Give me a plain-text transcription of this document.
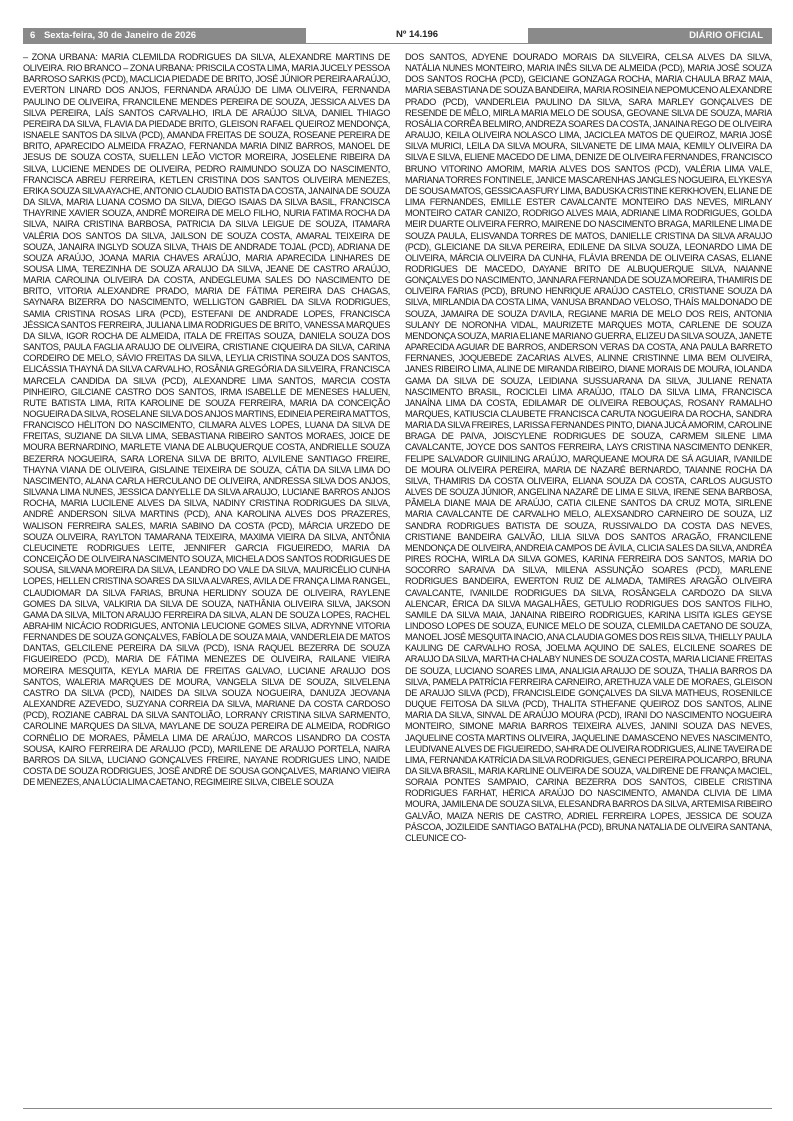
6 Sexta-feira, 30 de Janeiro de 2026	Nº 14.196	DIÁRIO OFICIAL

– ZONA URBANA: MARIA CLEMILDA RODRIGUES DA SILVA, ALEXANDRE MARTINS DE OLIVEIRA. RIO BRANCO – ZONA URBANA: PRISCILA COSTA LIMA, MARIA JUCELY PESSOA BARROSO SARKIS (PCD), MACLICIA PIEDADE DE BRITO, JOSÉ JÚNIOR PEREIRA ARAÚJO, EVERTON LINARD DOS ANJOS, FERNANDA ARAÚJO DE LIMA OLIVEIRA, FERNANDA PAULINO DE OLIVEIRA, FRANCILENE MENDES PEREIRA DE SOUZA, JESSICA ALVES DA SILVA PEREIRA, LAÍS SANTOS CARVALHO, IRLA DE ARAÚJO SILVA, DANIEL THIAGO PEREIRA DA SILVA, FLAVIA DA PIEDADE BRITO, GLEISON RAFAEL QUEIROZ MENDONÇA, ISNAELE SANTOS DA SILVA (PCD), AMANDA FREITAS DE SOUZA, ROSEANE PEREIRA DE BRITO, APARECIDO ALMEIDA FRAZAO, FERNANDA MARIA DINIZ BARROS, MANOEL DE JESUS DE SOUZA COSTA, SUELLEN LEÃO VICTOR MOREIRA, JOSELENE RIBEIRA DA SILVA, LUCIENE MENDES DE OLIVEIRA, PEDRO RAIMUNDO SOUZA DO NASCIMENTO, FRANCISCA ABREU FERREIRA, KETLEN CRISTINA DOS SANTOS OLIVEIRA MENEZES, ERIKA SOUZA SILVA AYACHE, ANTONIO CLAUDIO BATISTA DA COSTA, JANAINA DE SOUZA DA SILVA, MARIA LUANA COSMO DA SILVA, DIEGO ISAIAS DA SILVA BASIL, FRANCISCA THAYRINE XAVIER SOUZA, ANDRÉ MOREIRA DE MELO FILHO, NURIA FATIMA ROCHA DA SILVA, NAIRA CRISTINA BARBOSA, PATRICIA DA SILVA LEIGUE DE SOUZA, ITAMARA VALÉRIA DOS SANTOS DA SILVA, JAILSON DE SOUZA COSTA, AMARAL TEIXEIRA DE SOUZA, JANAIRA INGLYD SOUZA SILVA, THAIS DE ANDRADE TOJAL (PCD), ADRIANA DE SOUZA ARAÚJO, JOANA MARIA CHAVES ARAÚJO, MARIA APARECIDA LINHARES DE SOUSA LIMA, TEREZINHA DE SOUZA ARAUJO DA SILVA, JEANE DE CASTRO ARAÚJO, MARIA CAROLINA OLIVEIRA DA COSTA, ANDEGLEUMA SALES DO NASCIMENTO DE BRITO, VITORIA ALEXANDRE PRADO, MARIA DE FÁTIMA PEREIRA DAS CHAGAS, SAYNARA BIZERRA DO NASCIMENTO, WELLIGTON GABRIEL DA SILVA RODRIGUES, SAMIA CRISTINA ROSAS LIRA (PCD), ESTEFANI DE ANDRADE LOPES, FRANCISCA JÉSSICA SANTOS FERREIRA, JULIANA LIMA RODRIGUES DE BRITO, VANESSA MARQUES DA SILVA, IGOR ROCHA DE ALMEIDA, ITALA DE FREITAS SOUZA, DANIELA SOUZA DOS SANTOS, PAULA FAGLIA ARAUJO DE OLIVEIRA, CRISTIANE CIQUEIRA DA SILVA, CARINA CORDEIRO DE MELO, SÁVIO FREITAS DA SILVA, LEYLIA CRISTINA SOUZA DOS SANTOS, ELICÁSSIA THAYNÁ DA SILVA CARVALHO, ROSÂNIA GREGÓRIA DA SILVEIRA, FRANCISCA MARCELA CANDIDA DA SILVA (PCD), ALEXANDRE LIMA SANTOS, MARCIA COSTA PINHEIRO, GILCIANE CASTRO DOS SANTOS, IRMA ISABELLE DE MENESES HALUEN, RUTE BATISTA LIMA, RITA KAROLINE DE SOUZA FERREIRA, MARIA DA CONCEIÇÃO NOGUEIRA DA SILVA, ROSELANE SILVA DOS ANJOS MARTINS, EDINEIA PEREIRA MATTOS, FRANCISCO HÉLITON DO NASCIMENTO, CILMARA ALVES LOPES, LUANA DA SILVA DE FREITAS, SUZIANE DA SILVA LIMA, SEBASTIANA RIBEIRO SANTOS MORAES, JOICE DE MOURA BERNARDINO, MARLETE VIANA DE ALBUQUERQUE COSTA, ANDRIELLE SOUZA BEZERRA NOGUEIRA, SARA LORENA SILVA DE BRITO, ALVILENE SANTIAGO FREIRE, THAYNA VIANA DE OLIVEIRA, GISLAINE TEIXEIRA DE SOUZA, CÁTIA DA SILVA LIMA DO NASCIMENTO, ALANA CARLA HERCULANO DE OLIVEIRA, ANDRESSA SILVA DOS ANJOS, SILVANA LIMA NUNES, JESSICA DANYELLE DA SILVA ARAUJO, LUCIANE BARROS ANJOS ROCHA, MARIA LUCILENE ALVES DA SILVA, NADINY CRISTINA RODRIGUES DA SILVA, ANDRÉ ANDERSON SILVA MARTINS (PCD), ANA KAROLINA ALVES DOS PRAZERES, WALISON FERREIRA SALES, MARIA SABINO DA COSTA (PCD), MÁRCIA URZEDO DE SOUZA OLIVEIRA, RAYLTON TAMARANA TEIXEIRA, MAXIMA VIEIRA DA SILVA, ANTÔNIA CLEUCINETE RODRIGUES LEITE, JENNIFER GARCIA FIGUEIREDO, MARIA DA CONCEIÇÃO DE OLIVEIRA NASCIMENTO SOUZA, MICHELA DOS SANTOS RODRIGUES DE SOUSA, SILVANA MOREIRA DA SILVA, LEANDRO DO VALE DA SILVA, MAURICÉLIO CUNHA LOPES, HELLEN CRISTINA SOARES DA SILVA ALVARES, AVILA DE FRANÇA LIMA RANGEL, CLAUDIOMAR DA SILVA FARIAS, BRUNA HERLIDNY SOUZA DE OLIVEIRA, RAYLENE GOMES DA SILVA, VALKIRIA DA SILVA DE SOUZA, NATHÂNIA OLIVEIRA SILVA, JAKSON GAMA DA SILVA, MILTON ARAUJO FERREIRA DA SILVA, ALAN DE SOUZA LOPES, RACHEL ABRAHIM NICÁCIO RODRIGUES, ANTONIA LEUCIONE GOMES SILVA, ADRYNNE VITORIA FERNANDES DE SOUZA GONÇALVES, FABÍOLA DE SOUZA MAIA, VANDERLEIA DE MATOS DANTAS, GELCILENE PEREIRA DA SILVA (PCD), ISNA RAQUEL BEZERRA DE SOUZA FIGUEIREDO (PCD), MARIA DE FÁTIMA MENEZES DE OLIVEIRA, RAILANE VIEIRA MOREIRA MESQUITA, KEYLA MARIA DE FREITAS GALVAO, LUCIANE ARAUJO DOS SANTOS, WALERIA MARQUES DE MOURA, VANGELA SILVA DE SOUZA, SILVELENA CASTRO DA SILVA (PCD), NAIDES DA SILVA SOUZA NOGUEIRA, DANUZA JEOVANA ALEXANDRE AZEVEDO, SUZYANA CORREIA DA SILVA, MARIANE DA COSTA CARDOSO (PCD), ROZIANE CABRAL DA SILVA SANTOLIÃO, LORRANY CRISTINA SILVA SARMENTO, CAROLINE MARQUES DA SILVA, MAYLANE DE SOUZA PEREIRA DE ALMEIDA, RODRIGO CORNÉLIO DE MORAES, PÂMELA LIMA DE ARAÚJO, MARCOS LISANDRO DA COSTA SOUSA, KAIRO FERREIRA DE ARAUJO (PCD), MARILENE DE ARAUJO PORTELA, NAIRA BARROS DA SILVA, LUCIANO GONÇALVES FREIRE, NAYANE RODRIGUES LINO, NAIDE COSTA DE SOUZA RODRIGUES, JOSÉ ANDRÉ DE SOUSA GONÇALVES, MARIANO VIEIRA DE MENEZES, ANA LÚCIA LIMA CAETANO, REGIMEIRE SILVA, CIBELE SOUZA

DOS SANTOS, ADYENE DOURADO MORAIS DA SILVEIRA, CELSA ALVES DA SILVA, NATÁLIA NUNES MONTEIRO, MARIA INÊS SILVA DE ALMEIDA (PCD), MARIA JOSÉ SOUZA DOS SANTOS ROCHA (PCD), GEICIANE GONZAGA ROCHA, MARIA CHAULA BRAZ MAIA, MARIA SEBASTIANA DE SOUZA BANDEIRA, MARIA ROSINEIA NEPOMUCENO ALEXANDRE PRADO (PCD), VANDERLEIA PAULINO DA SILVA, SARA MARLEY GONÇALVES DE RESENDE DE MÊLO, MIRLA MARIA MELO DE SOUSA, GEOVANE SILVA DE SOUZA, MARIA ROSÁLIA CORRÊA BELMIRO, ANDREZA SOARES DA COSTA, JANAINA REGO DE OLIVEIRA ARAUJO, KEILA OLIVEIRA NOLASCO LIMA, JACICLEA MATOS DE QUEIROZ, MARIA JOSÉ SILVA MURICI, LEILA DA SILVA MOURA, SILVANETE DE LIMA MAIA, KEMILY OLIVEIRA DA SILVA E SILVA, ELIENE MACEDO DE LIMA, DENIZE DE OLIVEIRA FERNANDES, FRANCISCO BRUNO VITORINO AMORIM, MARIA ALVES DOS SANTOS (PCD), VALÉRIA LIMA VALE, MARIANA TORRES FONTINELE, JANICE MASCARENHAS JANGLES NOGUEIRA, ELYKESYA DE SOUSA MATOS, GESSICA ASFURY LIMA, BADUSKA CRISTINE KERKHOVEN, ELIANE DE LIMA FERNANDES, EMILLE ESTER CAVALCANTE MONTEIRO DAS NEVES, MIRLANY MONTEIRO CATAR CANIZO, RODRIGO ALVES MAIA, ADRIANE LIMA RODRIGUES, GOLDA MEIR DUARTE OLIVEIRA FERRO, MAIRENE DO NASCIMENTO BRAGA, MARILENE LIMA DE SOUZA PAULA, ELISVANDA TORRES DE MATOS, DANIELLE CRISTINA DA SILVA ARAUJO (PCD), GLEICIANE DA SILVA PEREIRA, EDILENE DA SILVA SOUZA, LEONARDO LIMA DE OLIVEIRA, MÁRCIA OLIVEIRA DA CUNHA, FLÁVIA BRENDA DE OLIVEIRA CASAS, ELIANE RODRIGUES DE MACEDO, DAYANE BRITO DE ALBUQUERQUE SILVA, NAIANNE GONÇALVES DO NASCIMENTO, JANNARA FERNANDA DE SOUZA MOREIRA, THAMIRIS DE OLIVEIRA FARIAS (PCD), BRUNO HENRIQUE ARAÚJO CASTELO, CRISTIANE SOUZA DA SILVA, MIRLANDIA DA COSTA LIMA, VANUSA BRANDAO VELOSO, THAÍS MALDONADO DE SOUZA, JAMAIRA DE SOUZA D'AVILA, REGIANE MARIA DE MELO DOS REIS, ANTONIA SULANY DE NORONHA VIDAL, MAURIZETE MARQUES MOTA, CARLENE DE SOUZA MENDONÇA SOUZA, MARIA ELIANE MARIANO GUERRA, ELIZEU DA SILVA SOUZA, JANETE APARECIDA AGUIAR DE BARROS, ANDERSON VERAS DA COSTA, ANA PAULA BARRETO FERNANES, JOQUEBEDE ZACARIAS ALVES, ALINNE CRISTINNE LIMA BEM OLIVEIRA, JANES RIBEIRO LIMA, ALINE DE MIRANDA RIBEIRO, DIANE MORAIS DE MOURA, IOLANDA GAMA DA SILVA DE SOUZA, LEIDIANA SUSSUARANA DA SILVA, JULIANE RENATA NASCIMENTO BRASIL, ROCICLEI LIMA ARAÚJO, ITALO DA SILVA LIMA, FRANCISCA JANAÍNA LIMA DA COSTA, EDILAMAR DE OLIVEIRA REBOUÇAS, ROSANY RAMALHO MARQUES, KATIUSCIA CLAUBETE FRANCISCA CARUTA NOGUEIRA DA ROCHA, SANDRA MARIA DA SILVA FREIRES, LARISSA FERNANDES PINTO, DIANA JUCÁ AMORIM, CAROLINE BRAGA DE PAIVA, JOISCYLENE RODRIGUES DE SOUZA, CARMEM SILENE LIMA CAVALCANTE, JOYCE DOS SANTOS FERREIRA, LAYS CRISTINA NASCIMENTO DENKER, FELIPE SALVADOR GUINILING ARAÚJO, MARQUEANE MOURA DE SÁ AGUIAR, IVANILDE DE MOURA OLIVEIRA PEREIRA, MARIA DE NAZARÉ BERNARDO, TAIANNE ROCHA DA SILVA, THAMIRIS DA COSTA OLIVEIRA, ELIANA SOUZA DA COSTA, CARLOS AUGUSTO ALVES DE SOUZA JÚNIOR, ANGELINA NAZARÉ DE LIMA E SILVA, IRENE SENA BARBOSA, PÂMELA DIANE MAIA DE ARAÚJO, CATIA CILENE SANTOS DA CRUZ MOTA, SIRLENE MARIA CAVALCANTE DE CARVALHO MELO, ALEXSANDRO CARNEIRO DE SOUZA, LIZ SANDRA RODRIGUES BATISTA DE SOUZA, RUSSIVALDO DA COSTA DAS NEVES, CRISTIANE BANDEIRA GALVÃO, LILIA SILVA DOS SANTOS ARAGÃO, FRANCILENE MENDONÇA DE OLIVEIRA, ANDREIA CAMPOS DE ÁVILA, CLICIA SALES DA SILVA, ANDRÉA PIRES ROCHA, WIRLA DA SILVA GOMES, KARINA FERREIRA DOS SANTOS, MARIA DO SOCORRO SARAIVA DA SILVA, MILENA ASSUNÇÃO SOARES (PCD), MARLENE RODRIGUES BANDEIRA, EWERTON RUIZ DE ALMADA, TAMIRES ARAGÃO OLIVEIRA CAVALCANTE, IVANILDE RODRIGUES DA SILVA, ROSÂNGELA CARDOZO DA SILVA ALENCAR, ÉRICA DA SILVA MAGALHÃES, GETULIO RODRIGUES DOS SANTOS FILHO, SAMILE DA SILVA MAIA, JANAINA RIBEIRO RODRIGUES, KARINA LISITA IGLES GEYSE LINDOSO LOPES DE SOUZA, EUNICE MELO DE SOUZA, CLEMILDA CAETANO DE SOUZA, MANOEL JOSÉ MESQUITA INACIO, ANA CLAUDIA GOMES DOS REIS SILVA, THIELLY PAULA KAULING DE CARVALHO ROSA, JOELMA AQUINO DE SALES, ELCILENE SOARES DE ARAUJO DA SILVA, MARTHA CHALABY NUNES DE SOUZA COSTA, MARIA LICIANE FREITAS DE SOUZA, LUCIANO SOARES LIMA, ANALIGIA ARAUJO DE SOUZA, THALIA BARROS DA SILVA, PAMELA PATRÍCIA FERREIRA CARNEIRO, ARETHUZA VALE DE MORAES, GLEISON DE ARAUJO SILVA (PCD), FRANCISLEIDE GONÇALVES DA SILVA MATHEUS, ROSENILCE DUQUE FEITOSA DA SILVA (PCD), THALITA STHEFANE QUEIROZ DOS SANTOS, ALINE MARIA DA SILVA, SINVAL DE ARAÚJO MOURA (PCD), IRANI DO NASCIMENTO NOGUEIRA MONTEIRO, SIMONE MARIA BARROS TEIXEIRA ALVES, JANINI SOUZA DAS NEVES, JAQUELINE COSTA MARTINS OLIVEIRA, JAQUELINE DAMASCENO NEVES NASCIMENTO, LEUDIVANE ALVES DE FIGUEIREDO, SAHRA DE OLIVEIRA RODRIGUES, ALINE TAVEIRA DE LIMA, FERNANDA KATRÍCIA DA SILVA RODRIGUES, GENECI PEREIRA POLICARPO, BRUNA DA SILVA BRASIL, MARIA KARLINE OLIVEIRA DE SOUZA, VALDIRENE DE FRANÇA MACIEL, SORAIA PONTES SAMPAIO, CARINA BEZERRA DOS SANTOS, CIBELE CRISTINA RODRIGUES FARHAT, HÉRICA ARAÚJO DO NASCIMENTO, AMANDA CLIVIA DE LIMA MOURA, JAMILENA DE SOUZA SILVA, ELESANDRA BARROS DA SILVA, ARTEMISA RIBEIRO GALVÃO, MAIZA NERIS DE CASTRO, ADRIEL FERREIRA LOPES, JESSICA DE SOUZA PÁSCOA, JOZILEIDE SANTIAGO BATALHA (PCD), BRUNA NATALIA DE OLIVEIRA SANTANA, CLEUNICE CO-
